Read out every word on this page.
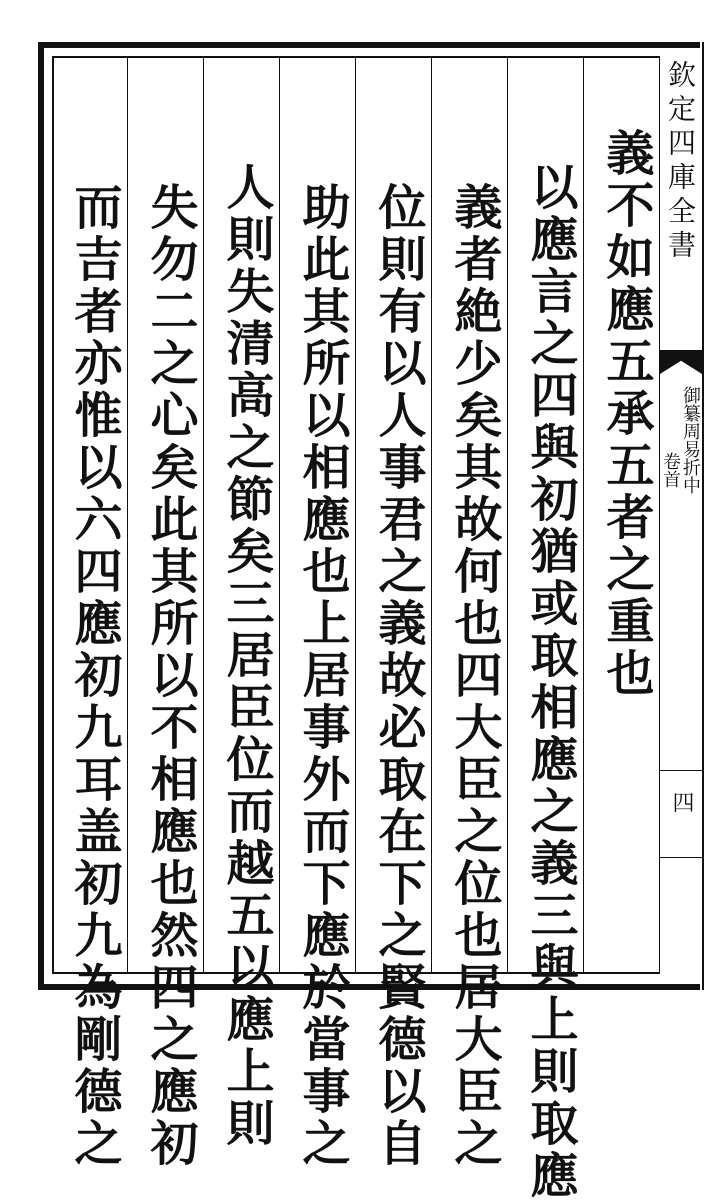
義不如應五承五者之重也
以應言之四與初猶或取相應之義三與上則取應
義者絶少矣其故何也四大臣之位也居大臣之
位則有以人事君之義故必取在下之賢德以自
助此其所以相應也上居事外而下應於當事之
人則失清高之節矣三居臣位而越五以應上則
失勿二之心矣此其所以不相應也然四之應初
而吉者亦惟以六四應初九耳盖初九為剛德之
欽定四庫全書
御纂周易折中
卷首
四
